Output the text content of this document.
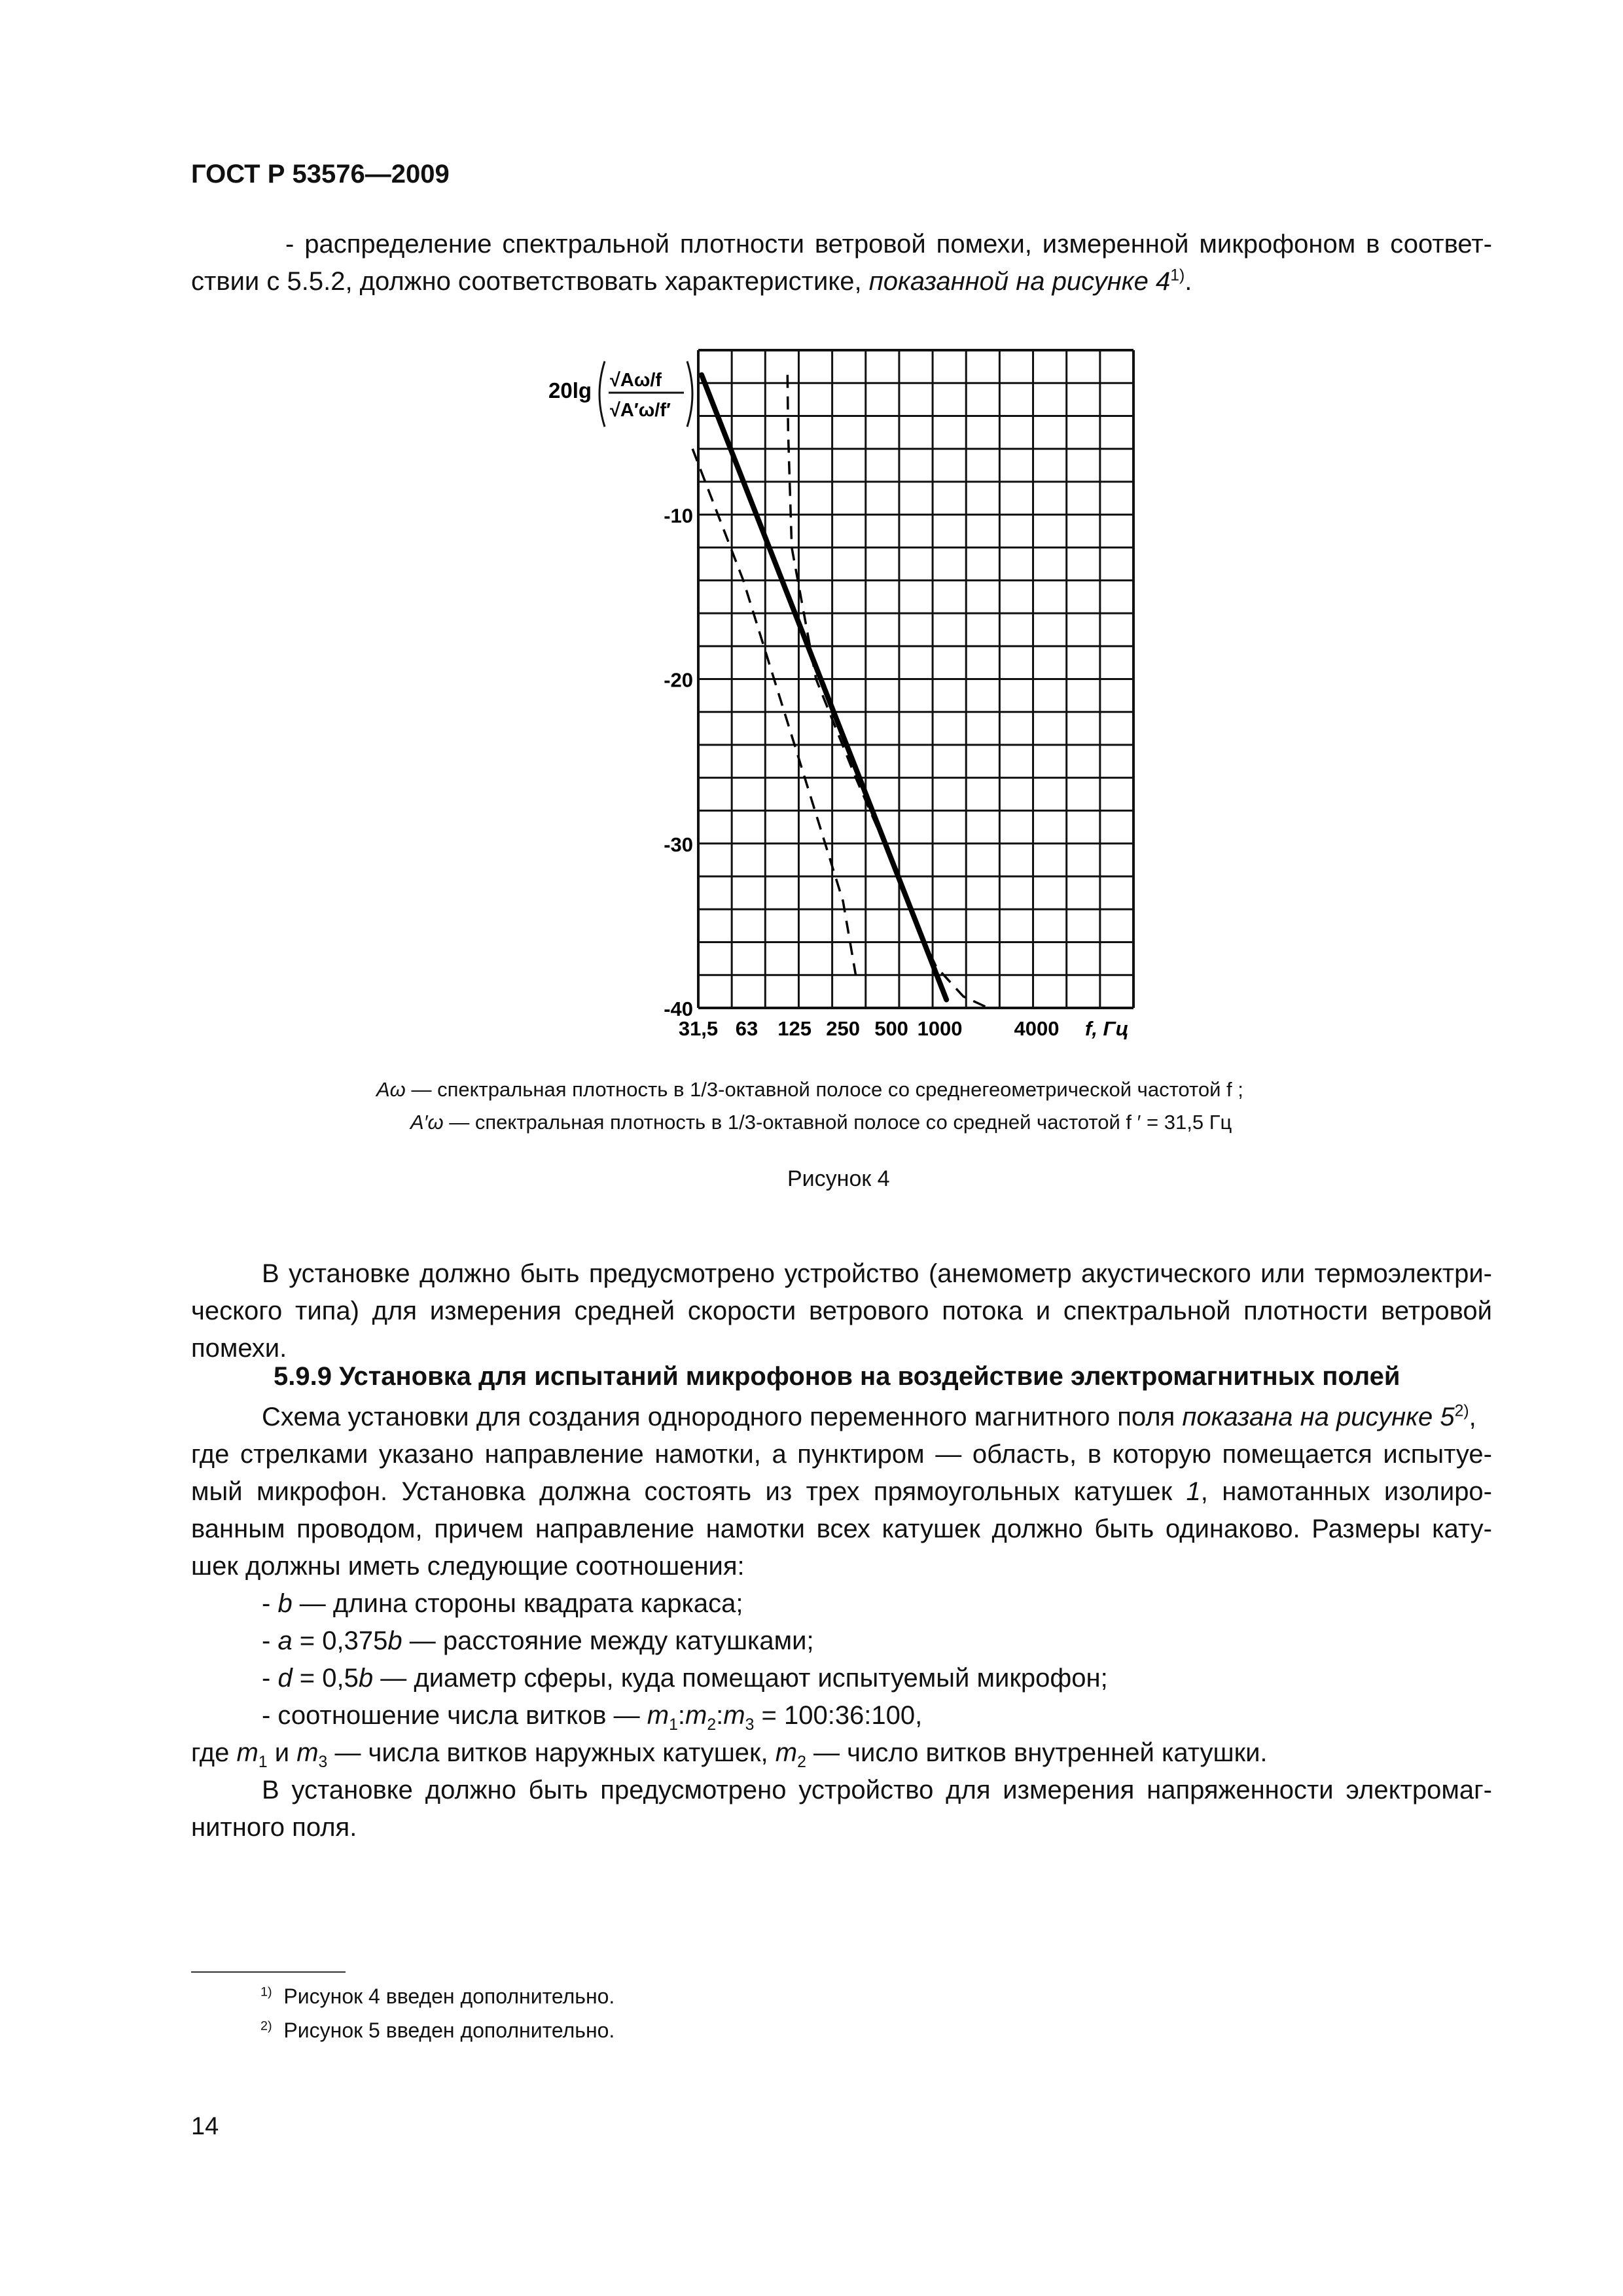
ГОСТ Р 53576—2009
- распределение спектральной плотности ветровой помехи, измеренной микрофоном в соответ-
ствии с 5.5.2, должно соответствовать характеристике, показанной на рисунке 4$^{1)}$.
20lg √Aω/f
√A′ω/f′
-10
-20
-30
-40
31,5 63 125 250 500 1000	4000 f, Гц
Aω — спектральная плотность в 1/3-октавной полосе со среднегеометрической частотой f ;
A′ω — спектральная плотность в 1/3-октавной полосе со средней частотой f ′ = 31,5 Гц
Рисунок 4
В установке должно быть предусмотрено устройство (анемометр акустического или термоэлектри-
ческого типа) для измерения средней скорости ветрового потока и спектральной плотности ветровой
помехи.
5.9.9 Установка для испытаний микрофонов на воздействие электромагнитных полей
Схема установки для создания однородного переменного магнитного поля показана на рисунке 5$^{2)}$,
где стрелками указано направление намотки, а пунктиром — область, в которую помещается испытуе-
мый микрофон. Установка должна состоять из трех прямоугольных катушек 1, намотанных изолиро-
ванным проводом, причем направление намотки всех катушек должно быть одинаково. Размеры кату-
шек должны иметь следующие соотношения:
- b — длина стороны квадрата каркаса;
- a = 0,375b — расстояние между катушками;
- d = 0,5b — диаметр сферы, куда помещают испытуемый микрофон;
- соотношение числа витков — $m_1:m_2:m_3$ = 100:36:100,
где $m_1$ и $m_3$ — числа витков наружных катушек, $m_2$ — число витков внутренней катушки.
В установке должно быть предусмотрено устройство для измерения напряженности электромаг-
нитного поля.
$^{1)}$ Рисунок 4 введен дополнительно.
$^{2)}$ Рисунок 5 введен дополнительно.
14
